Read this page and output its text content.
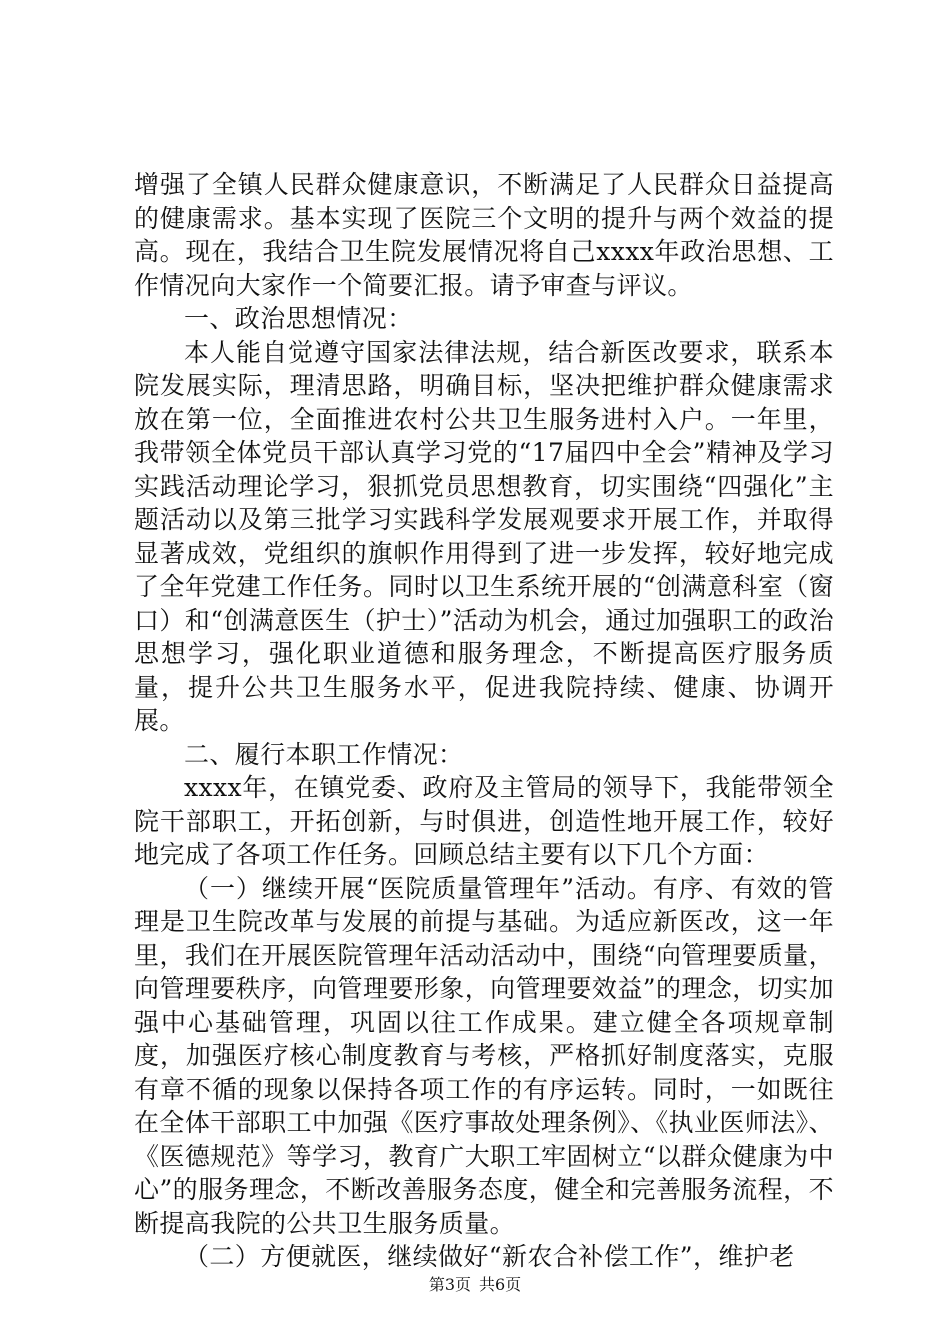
增强了全镇人民群众健康意识，不断满足了人民群众日益提高的健康需求。基本实现了医院三个文明的提升与两个效益的提高。现在，我结合卫生院发展情况将自己xxxx年政治思想、工作情况向大家作一个简要汇报。请予审查与评议。

一、政治思想情况：

本人能自觉遵守国家法律法规，结合新医改要求，联系本院发展实际，理清思路，明确目标，坚决把维护群众健康需求放在第一位，全面推进农村公共卫生服务进村入户。一年里，我带领全体党员干部认真学习党的“17届四中全会”精神及学习实践活动理论学习，狠抓党员思想教育，切实围绕“四强化”主题活动以及第三批学习实践科学发展观要求开展工作，并取得显著成效，党组织的旗帜作用得到了进一步发挥，较好地完成了全年党建工作任务。同时以卫生系统开展的“创满意科室（窗口）和“创满意医生（护士）”活动为机会，通过加强职工的政治思想学习，强化职业道德和服务理念，不断提高医疗服务质量，提升公共卫生服务水平，促进我院持续、健康、协调开展。

二、履行本职工作情况：

xxxx年，在镇党委、政府及主管局的领导下，我能带领全院干部职工，开拓创新，与时俱进，创造性地开展工作，较好地完成了各项工作任务。回顾总结主要有以下几个方面：

（一）继续开展“医院质量管理年”活动。有序、有效的管理是卫生院改革与发展的前提与基础。为适应新医改，这一年里，我们在开展医院管理年活动活动中，围绕“向管理要质量，向管理要秩序，向管理要形象，向管理要效益”的理念，切实加强中心基础管理，巩固以往工作成果。建立健全各项规章制度，加强医疗核心制度教育与考核，严格抓好制度落实，克服有章不循的现象以保持各项工作的有序运转。同时，一如既往在全体干部职工中加强《医疗事故处理条例》、《执业医师法》、《医德规范》等学习，教育广大职工牢固树立“以群众健康为中心”的服务理念，不断改善服务态度，健全和完善服务流程，不断提高我院的公共卫生服务质量。

（二）方便就医，继续做好“新农合补偿工作”，维护老

第3页 共6页
